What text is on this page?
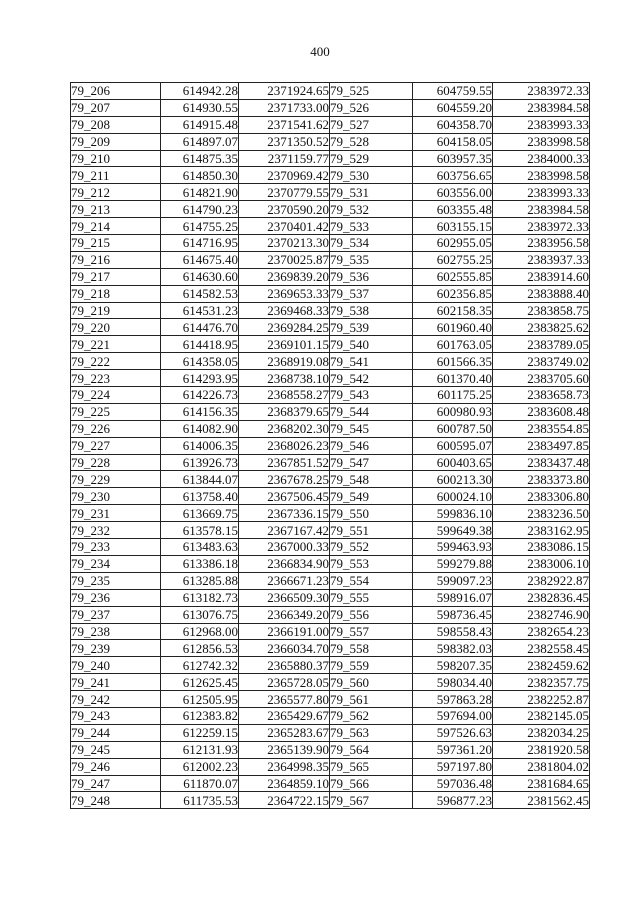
400
79_206	614942.28	2371924.65	79_525	604759.55	2383972.33
79_207	614930.55	2371733.00	79_526	604559.20	2383984.58
79_208	614915.48	2371541.62	79_527	604358.70	2383993.33
79_209	614897.07	2371350.52	79_528	604158.05	2383998.58
79_210	614875.35	2371159.77	79_529	603957.35	2384000.33
79_211	614850.30	2370969.42	79_530	603756.65	2383998.58
79_212	614821.90	2370779.55	79_531	603556.00	2383993.33
79_213	614790.23	2370590.20	79_532	603355.48	2383984.58
79_214	614755.25	2370401.42	79_533	603155.15	2383972.33
79_215	614716.95	2370213.30	79_534	602955.05	2383956.58
79_216	614675.40	2370025.87	79_535	602755.25	2383937.33
79_217	614630.60	2369839.20	79_536	602555.85	2383914.60
79_218	614582.53	2369653.33	79_537	602356.85	2383888.40
79_219	614531.23	2369468.33	79_538	602158.35	2383858.75
79_220	614476.70	2369284.25	79_539	601960.40	2383825.62
79_221	614418.95	2369101.15	79_540	601763.05	2383789.05
79_222	614358.05	2368919.08	79_541	601566.35	2383749.02
79_223	614293.95	2368738.10	79_542	601370.40	2383705.60
79_224	614226.73	2368558.27	79_543	601175.25	2383658.73
79_225	614156.35	2368379.65	79_544	600980.93	2383608.48
79_226	614082.90	2368202.30	79_545	600787.50	2383554.85
79_227	614006.35	2368026.23	79_546	600595.07	2383497.85
79_228	613926.73	2367851.52	79_547	600403.65	2383437.48
79_229	613844.07	2367678.25	79_548	600213.30	2383373.80
79_230	613758.40	2367506.45	79_549	600024.10	2383306.80
79_231	613669.75	2367336.15	79_550	599836.10	2383236.50
79_232	613578.15	2367167.42	79_551	599649.38	2383162.95
79_233	613483.63	2367000.33	79_552	599463.93	2383086.15
79_234	613386.18	2366834.90	79_553	599279.88	2383006.10
79_235	613285.88	2366671.23	79_554	599097.23	2382922.87
79_236	613182.73	2366509.30	79_555	598916.07	2382836.45
79_237	613076.75	2366349.20	79_556	598736.45	2382746.90
79_238	612968.00	2366191.00	79_557	598558.43	2382654.23
79_239	612856.53	2366034.70	79_558	598382.03	2382558.45
79_240	612742.32	2365880.37	79_559	598207.35	2382459.62
79_241	612625.45	2365728.05	79_560	598034.40	2382357.75
79_242	612505.95	2365577.80	79_561	597863.28	2382252.87
79_243	612383.82	2365429.67	79_562	597694.00	2382145.05
79_244	612259.15	2365283.67	79_563	597526.63	2382034.25
79_245	612131.93	2365139.90	79_564	597361.20	2381920.58
79_246	612002.23	2364998.35	79_565	597197.80	2381804.02
79_247	611870.07	2364859.10	79_566	597036.48	2381684.65
79_248	611735.53	2364722.15	79_567	596877.23	2381562.45
